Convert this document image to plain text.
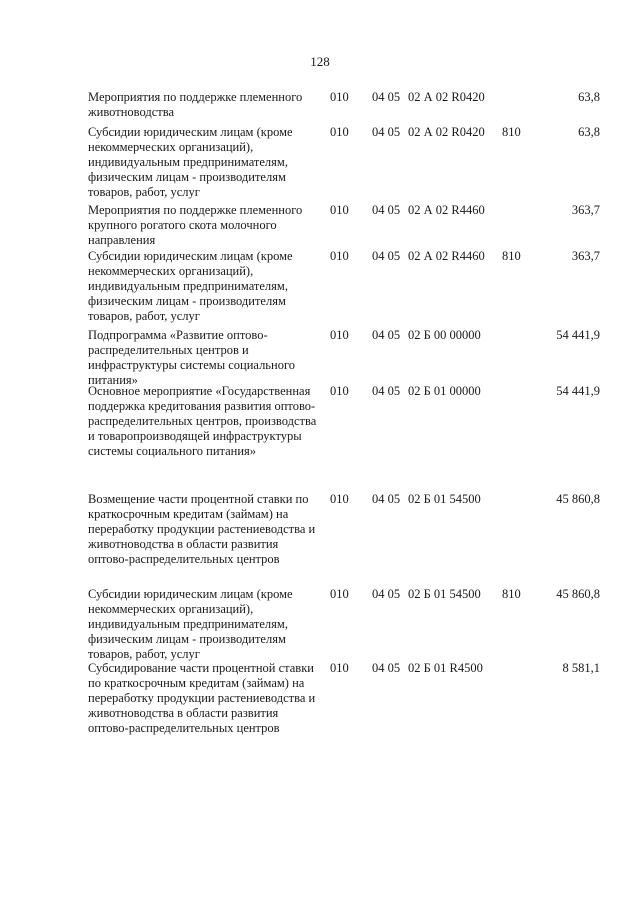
128
Мероприятия по поддержке племенного животноводства
010 04 05 02 А 02 R0420	63,8
Субсидии юридическим лицам (кроме некоммерческих организаций), индивидуальным предпринимателям, физическим лицам - производителям товаров, работ, услуг
010 04 05 02 А 02 R0420 810	63,8
Мероприятия по поддержке племенного крупного рогатого скота молочного направления
010 04 05 02 А 02 R4460	363,7
Субсидии юридическим лицам (кроме некоммерческих организаций), индивидуальным предпринимателям, физическим лицам - производителям товаров, работ, услуг
010 04 05 02 А 02 R4460 810	363,7
Подпрограмма «Развитие оптово-распределительных центров и инфраструктуры системы социального питания»
010 04 05 02 Б 00 00000	54 441,9
Основное мероприятие «Государственная поддержка кредитования развития оптово-распределительных центров, производства и товаропроизводящей инфраструктуры системы социального питания»
010 04 05 02 Б 01 00000	54 441,9
Возмещение части процентной ставки по краткосрочным кредитам (займам) на переработку продукции растениеводства и животноводства в области развития оптово-распределительных центров
010 04 05 02 Б 01 54500	45 860,8
Субсидии юридическим лицам (кроме некоммерческих организаций), индивидуальным предпринимателям, физическим лицам - производителям товаров, работ, услуг
010 04 05 02 Б 01 54500 810	45 860,8
Субсидирование части процентной ставки по краткосрочным кредитам (займам) на переработку продукции растениеводства и животноводства в области развития оптово-распределительных центров
010 04 05 02 Б 01 R4500	8 581,1
